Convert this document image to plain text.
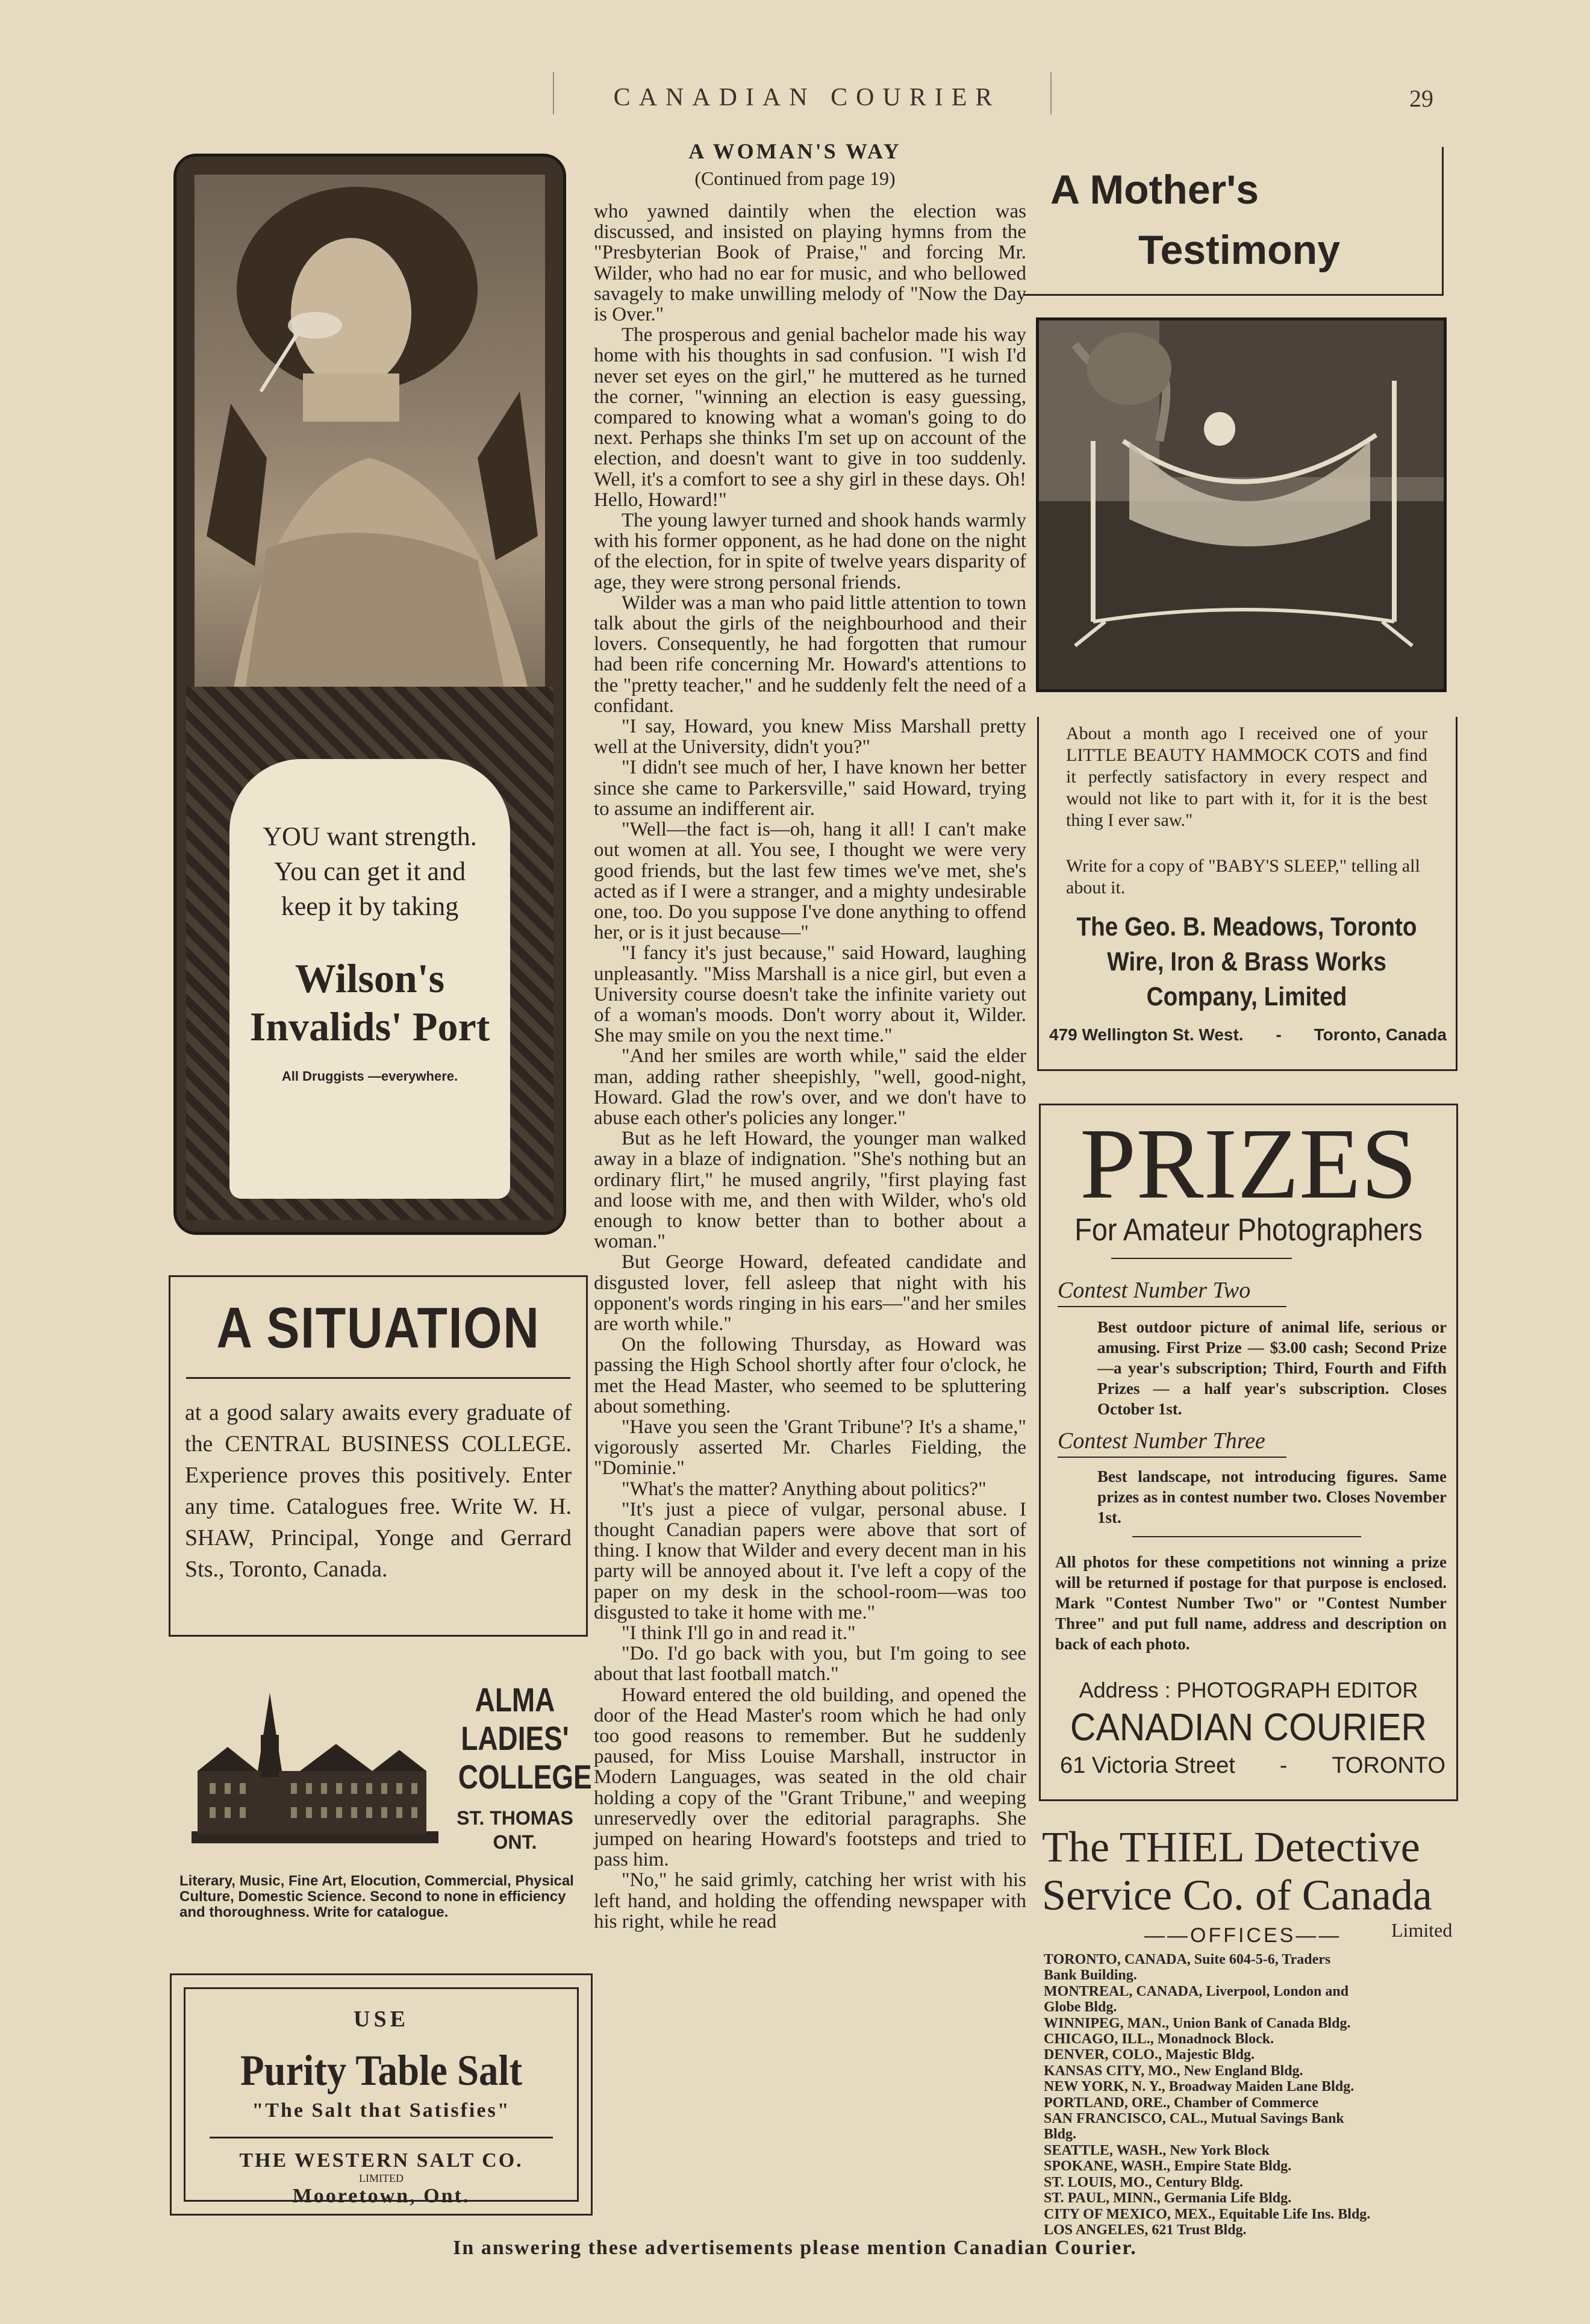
CANADIAN COURIER	29
YOU want strength. You can get it and keep it by taking
Wilson's Invalids' Port
All Druggists —everywhere.
A SITUATION
at a good salary awaits every graduate of the CENTRAL BUSINESS COLLEGE. Experience proves this positively. Enter any time. Catalogues free. Write W. H. SHAW, Principal, Yonge and Gerrard Sts., Toronto, Canada.
ALMA
LADIES'
COLLEGE
ST. THOMAS
ONT.
Literary, Music, Fine Art, Elocution, Commercial, Physical Culture, Domestic Science. Second to none in efficiency and thoroughness. Write for catalogue.
USE
Purity Table Salt
"The Salt that Satisfies"
THE WESTERN SALT CO.
LIMITED
Mooretown, Ont.
A WOMAN'S WAY
(Continued from page 19)

who yawned daintily when the election was discussed, and insisted on playing hymns from the "Presbyterian Book of Praise," and forcing Mr. Wilder, who had no ear for music, and who bellowed savagely to make unwilling melody of "Now the Day is Over."

The prosperous and genial bachelor made his way home with his thoughts in sad confusion. "I wish I'd never set eyes on the girl," he muttered as he turned the corner, "winning an election is easy guessing, compared to knowing what a woman's going to do next. Perhaps she thinks I'm set up on account of the election, and doesn't want to give in too suddenly. Well, it's a comfort to see a shy girl in these days. Oh! Hello, Howard!"

The young lawyer turned and shook hands warmly with his former opponent, as he had done on the night of the election, for in spite of twelve years disparity of age, they were strong personal friends.

Wilder was a man who paid little attention to town talk about the girls of the neighbourhood and their lovers. Consequently, he had forgotten that rumour had been rife concerning Mr. Howard's attentions to the "pretty teacher," and he suddenly felt the need of a confidant.

"I say, Howard, you knew Miss Marshall pretty well at the University, didn't you?"

"I didn't see much of her, I have known her better since she came to Parkersville," said Howard, trying to assume an indifferent air.

"Well—the fact is—oh, hang it all! I can't make out women at all. You see, I thought we were very good friends, but the last few times we've met, she's acted as if I were a stranger, and a mighty undesirable one, too. Do you suppose I've done anything to offend her, or is it just because—"

"I fancy it's just because," said Howard, laughing unpleasantly. "Miss Marshall is a nice girl, but even a University course doesn't take the infinite variety out of a woman's moods. Don't worry about it, Wilder. She may smile on you the next time."

"And her smiles are worth while," said the elder man, adding rather sheepishly, "well, good-night, Howard. Glad the row's over, and we don't have to abuse each other's policies any longer."

But as he left Howard, the younger man walked away in a blaze of indignation. "She's nothing but an ordinary flirt," he mused angrily, "first playing fast and loose with me, and then with Wilder, who's old enough to know better than to bother about a woman."

But George Howard, defeated candidate and disgusted lover, fell asleep that night with his opponent's words ringing in his ears—"and her smiles are worth while."

On the following Thursday, as Howard was passing the High School shortly after four o'clock, he met the Head Master, who seemed to be spluttering about something.

"Have you seen the 'Grant Tribune'? It's a shame," vigorously asserted Mr. Charles Fielding, the "Dominie."

"What's the matter? Anything about politics?"

"It's just a piece of vulgar, personal abuse. I thought Canadian papers were above that sort of thing. I know that Wilder and every decent man in his party will be annoyed about it. I've left a copy of the paper on my desk in the school-room—was too disgusted to take it home with me."

"I think I'll go in and read it."

"Do. I'd go back with you, but I'm going to see about that last football match."

Howard entered the old building, and opened the door of the Head Master's room which he had only too good reasons to remember. But he suddenly paused, for Miss Louise Marshall, instructor in Modern Languages, was seated in the old chair holding a copy of the "Grant Tribune," and weeping unreservedly over the editorial paragraphs. She jumped on hearing Howard's footsteps and tried to pass him.

"No," he said grimly, catching her wrist with his left hand, and holding the offending newspaper with his right, while he read

A Mother's
Testimony
About a month ago I received one of your LITTLE BEAUTY HAMMOCK COTS and find it perfectly satisfactory in every respect and would not like to part with it, for it is the best thing I ever saw."
Write for a copy of "BABY'S SLEEP," telling all about it.
The Geo. B. Meadows, Toronto
Wire, Iron & Brass Works
Company, Limited
479 Wellington St. West. - Toronto, Canada
PRIZES
For Amateur Photographers
Contest Number Two
Best outdoor picture of animal life, serious or amusing. First Prize — $3.00 cash; Second Prize—a year's subscription; Third, Fourth and Fifth Prizes — a half year's subscription. Closes October 1st.
Contest Number Three
Best landscape, not introducing figures. Same prizes as in contest number two. Closes November 1st.
All photos for these competitions not winning a prize will be returned if postage for that purpose is enclosed. Mark "Contest Number Two" or "Contest Number Three" and put full name, address and description on back of each photo.
Address : PHOTOGRAPH EDITOR
CANADIAN COURIER
61 Victoria Street - TORONTO
The THIEL Detective
Service Co. of Canada
——OFFICES——	Limited
TORONTO, CANADA, Suite 604-5-6, Traders
Bank Building.
MONTREAL, CANADA, Liverpool, London and
Globe Bldg.
WINNIPEG, MAN., Union Bank of Canada Bldg.
CHICAGO, ILL., Monadnock Block.
DENVER, COLO., Majestic Bldg.
KANSAS CITY, MO., New England Bldg.
NEW YORK, N. Y., Broadway Maiden Lane Bldg.
PORTLAND, ORE., Chamber of Commerce
SAN FRANCISCO, CAL., Mutual Savings Bank
Bldg.
SEATTLE, WASH., New York Block
SPOKANE, WASH., Empire State Bldg.
ST. LOUIS, MO., Century Bldg.
ST. PAUL, MINN., Germania Life Bldg.
CITY OF MEXICO, MEX., Equitable Life Ins. Bldg.
LOS ANGELES, 621 Trust Bldg.
In answering these advertisements please mention Canadian Courier.
